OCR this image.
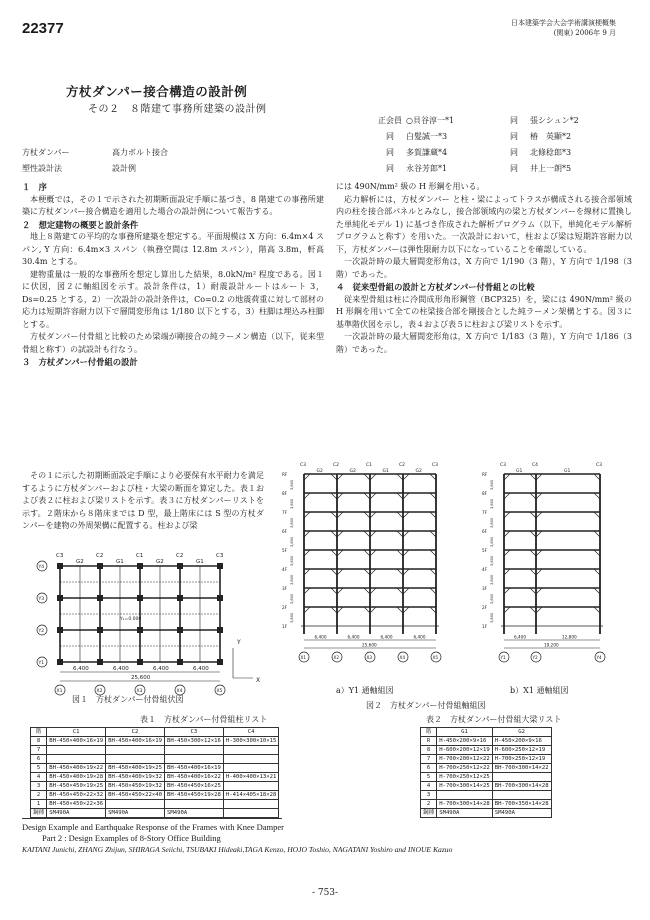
22377	日本建築学会大会学術講演梗概集
(関東) 2006年 9 月
方杖ダンパー接合構造の設計例
その２　８階建て事務所建築の設計例
正会員 ○貝谷淳一*1	同	張シシュン*2
同	白髪誠一*3	同	椿　英顯*2
同	多賀謙蔵*4	同	北條稔郎*3
同	永谷芳郎*1	同	井上一朗*5
方杖ダンパー	高力ボルト接合
塑性設計法	設計例
１　序

本梗概では，その１で示された初期断面設定手順に基づき，8 階建ての事務所建築に方杖ダンパー接合構造を適用した場合の設計例について報告する。

２　想定建物の概要と設計条件

地上８階建ての平均的な事務所建築を想定する。平面規模は X 方向：6.4m×4 スパン, Y 方向：6.4m×3 スパン（執務空間は 12.8m スパン），階高 3.8m，軒高 30.4m とする。

建物重量は一般的な事務所を想定し算出した結果，8.0kN/m² 程度である。図１に伏図，図２に軸組図を示す。設計条件は，1）耐震設計ルートはルート 3，Ds=0.25 とする，2）一次設計の設計条件は，Co=0.2 の地震荷重に対して部材の応力は短期許容耐力以下で層間変形角は 1/180 以下とする，3）柱脚は埋込み柱脚とする。

方杖ダンパー付骨組と比較のため梁端が剛接合の純ラーメン構造（以下，従来型骨組と称す）の試設計も行なう。

３　方杖ダンパー付骨組の設計

その１に示した初期断面設定手順により必要保有水平耐力を満足するように方杖ダンパーおよび柱・大梁の断面を算定した。表１および表２に柱および梁リストを示す。表３に方杖ダンパーリストを示す。２階床から８階床までは D 型，最上階床には S 型の方杖ダンパーを建物の外周架構に配置する。柱および梁

には 490N/mm² 級の H 形鋼を用いる。

応力解析には，方杖ダンパー と柱・梁によってトラスが構成される接合部領域内の柱を接合部パネルとみなし，接合部領域内の梁と方杖ダンパーを線材に置換した単純化モデル 1) に基づき作成された解析プログラム（以下，単純化モデル解析プログラムと称す）を用いた。一次設計において，柱および梁は短期許容耐力以下，方杖ダンパーは弾性限耐力以下になっていることを確認している。

一次設計時の最大層間変形角は，X 方向で 1/190（3 階），Y 方向で 1/198（3 階）であった。

４　従来型骨組の設計と方杖ダンパー付骨組との比較

従来型骨組は柱に冷間成形角形鋼管（BCP325）を，梁には 490N/mm² 級の H 形鋼を用いて全ての柱梁接合部を剛接合とした純ラーメン架構とする。図３に基準階伏図を示し，表４および表５に柱および梁リストを示す。

一次設計時の最大層間変形角は，X 方向で 1/183（3 階），Y 方向で 1/186（3 階）であった。

G2	G1	G2	G1
C3	C2	C1	C2	C3
6,400	6,400	6,400	6,400
25,600
X1	X2	X3	X4	X5
Y1
Y2
Y3
Y4
Y₁=0.000
X
Y
図１　方杖ダンパー付骨組伏図
RF
8F
7F
6F
5F
4F
3F
2F
1F
3,800
3,800
3,800
3,800
3,800
3,800
3,800
3,800
C3	C2	C1	C2	C3
G2	G2	G1	G2
6,400	6,400	6,400	6,400
25,600
X1	X2	X3	X4	X5
RF
8F
7F
6F
5F
4F
3F
2F
1F
3,800
3,800
3,800
3,800
3,800
3,800
3,800
3,800
C3	C4	C3
G1	G1
6,400	12,800
19,200
Y1	Y2	Y4
a）Y1 通軸組図	b）X1 通軸組図
図２　方杖ダンパー付骨組軸組図
表１　方杖ダンパー付骨組柱リスト
階	C1	C2	C3	C4
8	BH-450×400×16×19	BH-450×400×16×19	BH-450×300×12×16	H-300×300×10×15
7				
6				
5	BH-450×400×19×22	BH-450×400×19×25	BH-450×400×16×19	
4	BH-450×400×19×28	BH-450×400×19×32	BH-450×400×16×22	H-400×400×13×21
3	BH-450×450×19×25	BH-450×450×19×32	BH-450×450×16×25	
2	BH-450×450×22×32	BH-450×450×22×40	BH-450×450×19×28	H-414×405×18×28
1	BH-450×450×22×36			
鋼種	SM490A	SM490A	SM490A	
表２　方杖ダンパー付骨組大梁リスト
階	G1	G2
R	H-450×200×9×16	H-450×200×9×16
8	H-600×200×12×19	H-600×250×12×19
7	H-700×200×12×22	H-700×250×12×19
6	H-700×250×12×22	BH-700×300×14×22
5	H-700×250×12×25	
4	H-700×300×14×25	BH-700×300×14×28
3		
2	H-700×300×14×28	BH-700×350×14×28
鋼種	SM490A	SM490A
Design Example and Earthquake Response of the Frames with Knee Damper
Part 2 : Design Examples of 8-Story Office Building
KAITANI Junichi, ZHANG Zhijun, SHIRAGA Seiichi, TSUBAKI Hideaki,TAGA Kenzo, HOJO Toshio, NAGATANI Yoshiro and INOUE Kazuo
- 753-
